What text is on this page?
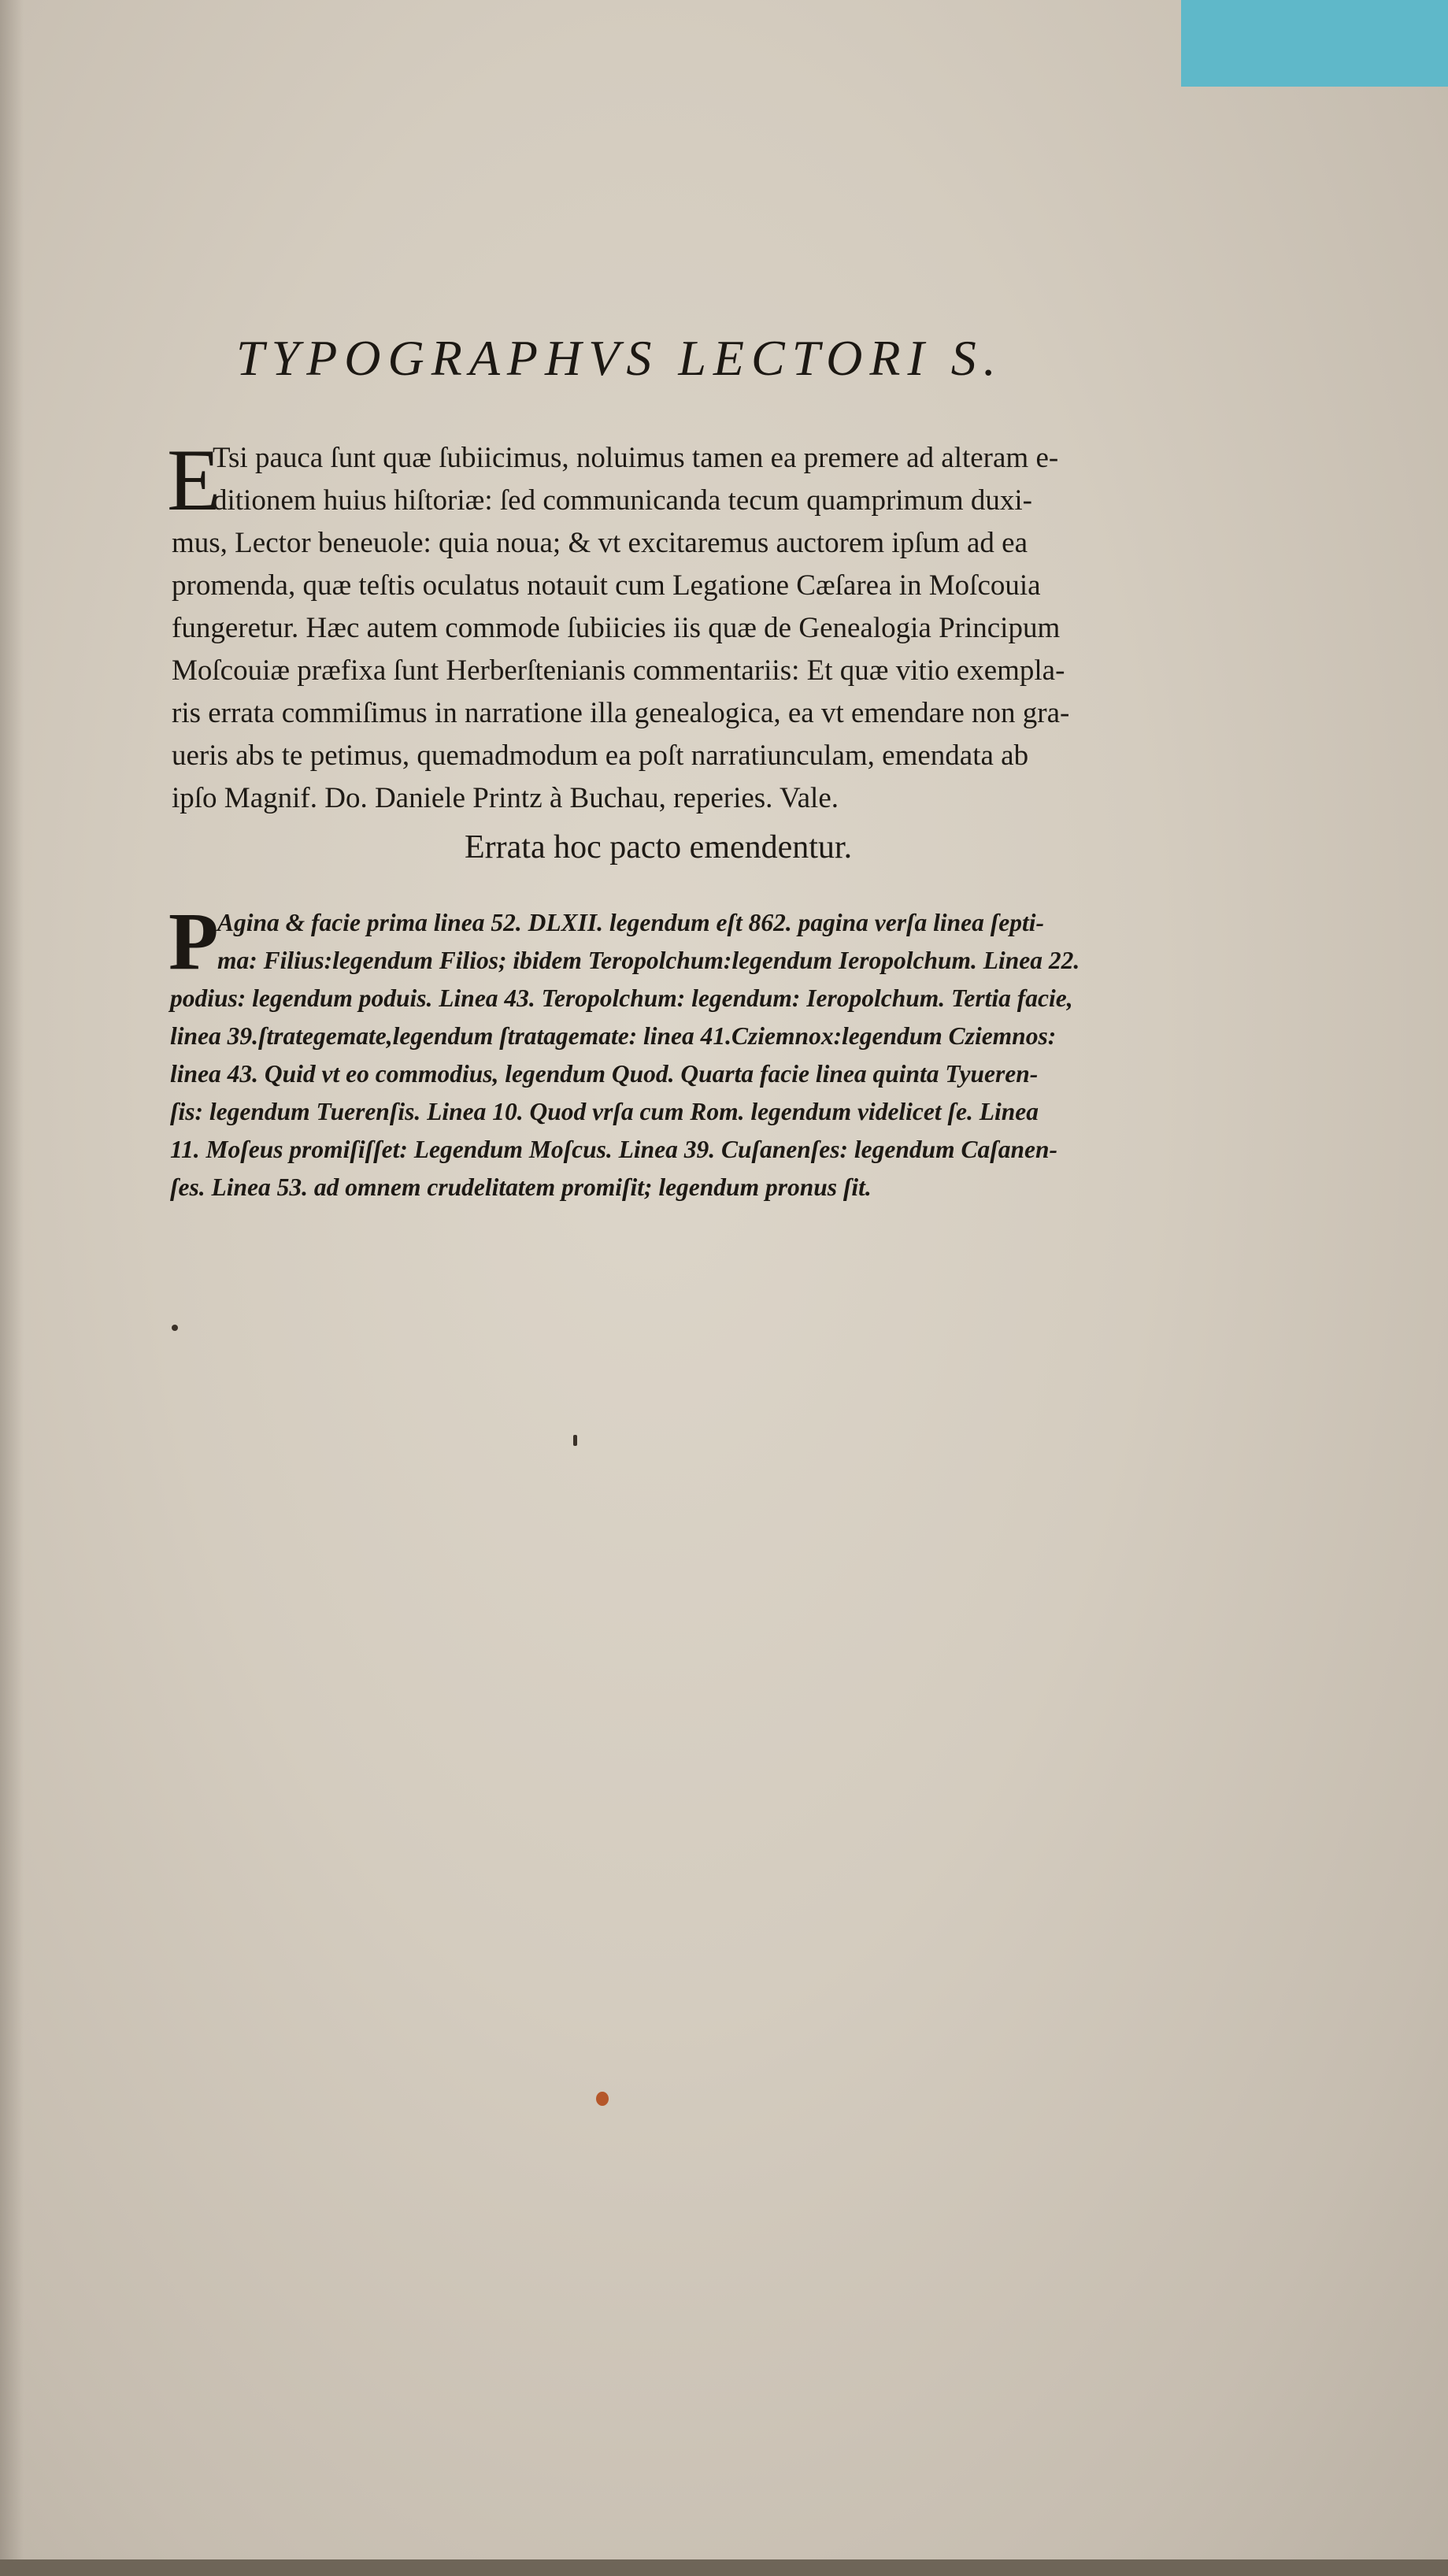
TYPOGRAPHVS LECTORI S.
E
Tsi pauca ſunt quæ ſubiicimus, noluimus tamen ea premere ad alteram e-
ditionem huius hiſtoriæ: ſed communicanda tecum quamprimum duxi-
mus, Lector beneuole: quia noua; & vt excitaremus auctorem ipſum ad ea
promenda, quæ teſtis oculatus notauit cum Legatione Cæſarea in Moſcouia
fungeretur. Hæc autem commode ſubiicies iis quæ de Genealogia Principum
Moſcouiæ præfixa ſunt Herberſtenianis commentariis: Et quæ vitio exempla-
ris errata commiſimus in narratione illa genealogica, ea vt emendare non gra-
ueris abs te petimus, quemadmodum ea poſt narratiunculam, emendata ab
ipſo Magnif. Do. Daniele Printz à Buchau, reperies. Vale.
Errata hoc pacto emendentur.
P
Agina & facie prima linea 52. DLXII. legendum eſt 862. pagina verſa linea ſepti-
ma: Filius:legendum Filios; ibidem Teropolchum:legendum Ieropolchum. Linea 22.
podius: legendum poduis. Linea 43. Teropolchum: legendum: Ieropolchum. Tertia facie,
linea 39.ſtrategemate,legendum ſtratagemate: linea 41.Cziemnox:legendum Cziemnos:
linea 43. Quid vt eo commodius, legendum Quod. Quarta facie linea quinta Tyueren-
ſis: legendum Tuerenſis. Linea 10. Quod vrſa cum Rom. legendum videlicet ſe. Linea
11. Moſeus promiſiſſet: Legendum Moſcus. Linea 39. Cuſanenſes: legendum Caſanen-
ſes. Linea 53. ad omnem crudelitatem promiſit; legendum pronus ſit.
